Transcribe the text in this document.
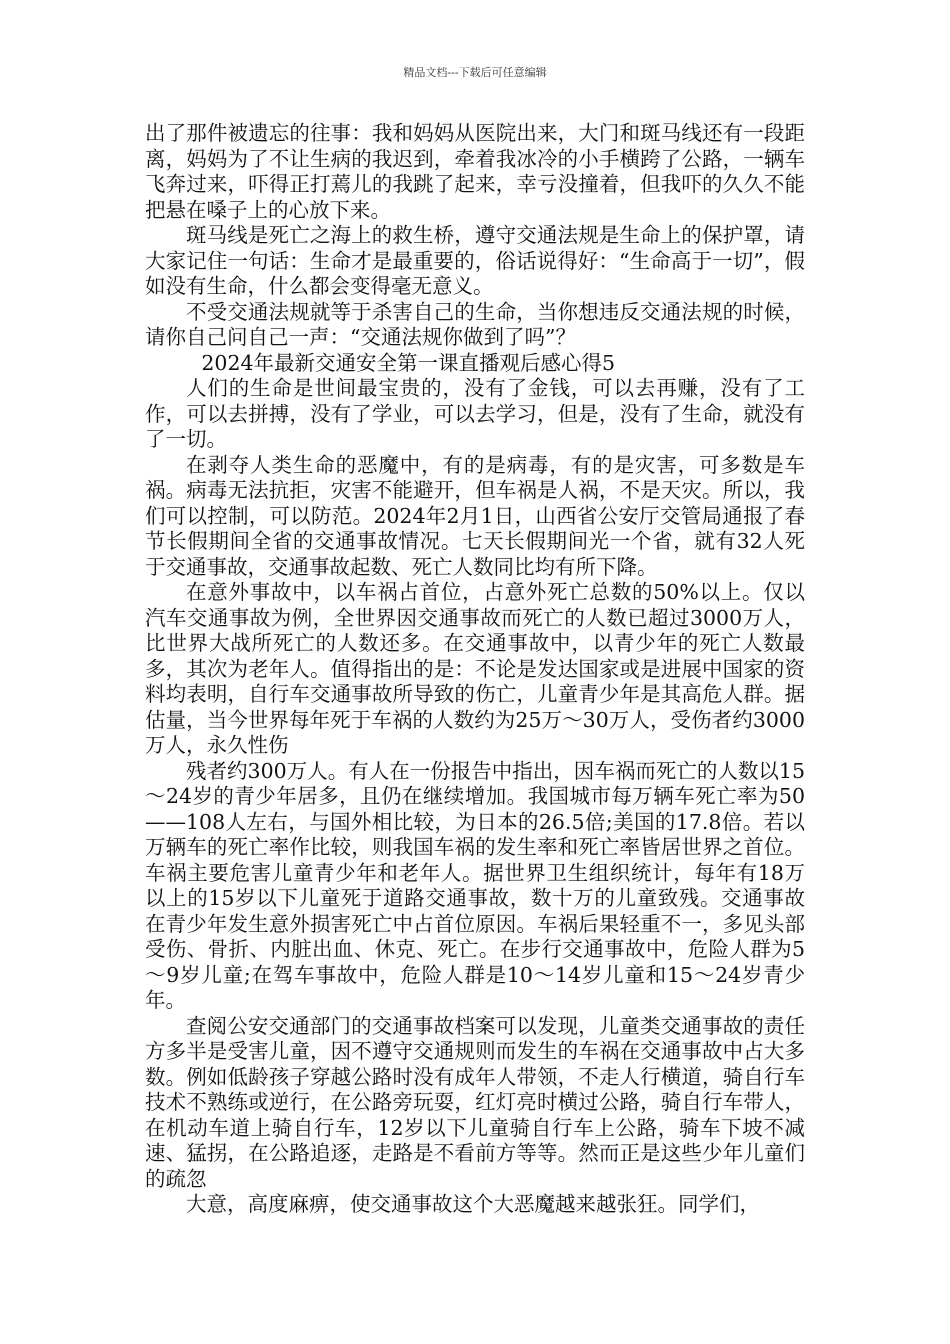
精品文档---下载后可任意编辑

出了那件被遗忘的往事：我和妈妈从医院出来，大门和斑马线还有一段距离，妈妈为了不让生病的我迟到，牵着我冰冷的小手横跨了公路，一辆车飞奔过来，吓得正打蔫儿的我跳了起来，幸亏没撞着，但我吓的久久不能把悬在嗓子上的心放下来。

斑马线是死亡之海上的救生桥，遵守交通法规是生命上的保护罩，请大家记住一句话：生命才是最重要的，俗话说得好：“生命高于一切”，假如没有生命，什么都会变得毫无意义。

不受交通法规就等于杀害自己的生命，当你想违反交通法规的时候，请你自己问自己一声：“交通法规你做到了吗”？

2024年最新交通安全第一课直播观后感心得5

人们的生命是世间最宝贵的，没有了金钱，可以去再赚，没有了工作，可以去拼搏，没有了学业，可以去学习，但是，没有了生命，就没有了一切。

在剥夺人类生命的恶魔中，有的是病毒，有的是灾害，可多数是车祸。病毒无法抗拒，灾害不能避开，但车祸是人祸，不是天灾。所以，我们可以控制，可以防范。2024年2月1日，山西省公安厅交管局通报了春节长假期间全省的交通事故情况。七天长假期间光一个省，就有32人死于交通事故，交通事故起数、死亡人数同比均有所下降。

在意外事故中，以车祸占首位，占意外死亡总数的50%以上。仅以汽车交通事故为例，全世界因交通事故而死亡的人数已超过3000万人，比世界大战所死亡的人数还多。在交通事故中，以青少年的死亡人数最多，其次为老年人。值得指出的是：不论是发达国家或是进展中国家的资料均表明，自行车交通事故所导致的伤亡，儿童青少年是其高危人群。据估量，当今世界每年死于车祸的人数约为25万～30万人，受伤者约3000万人，永久性伤

残者约300万人。有人在一份报告中指出，因车祸而死亡的人数以15～24岁的青少年居多，且仍在继续增加。我国城市每万辆车死亡率为50——108人左右，与国外相比较，为日本的26.5倍;美国的17.8倍。若以万辆车的死亡率作比较，则我国车祸的发生率和死亡率皆居世界之首位。车祸主要危害儿童青少年和老年人。据世界卫生组织统计，每年有18万以上的15岁以下儿童死于道路交通事故，数十万的儿童致残。交通事故在青少年发生意外损害死亡中占首位原因。车祸后果轻重不一，多见头部受伤、骨折、内脏出血、休克、死亡。在步行交通事故中，危险人群为5～9岁儿童;在驾车事故中，危险人群是10～14岁儿童和15～24岁青少年。

查阅公安交通部门的交通事故档案可以发现，儿童类交通事故的责任方多半是受害儿童，因不遵守交通规则而发生的车祸在交通事故中占大多数。例如低龄孩子穿越公路时没有成年人带领，不走人行横道，骑自行车技术不熟练或逆行，在公路旁玩耍，红灯亮时横过公路，骑自行车带人，在机动车道上骑自行车，12岁以下儿童骑自行车上公路，骑车下坡不减速、猛拐，在公路追逐，走路是不看前方等等。然而正是这些少年儿童们的疏忽

大意，高度麻痹，使交通事故这个大恶魔越来越张狂。同学们，
